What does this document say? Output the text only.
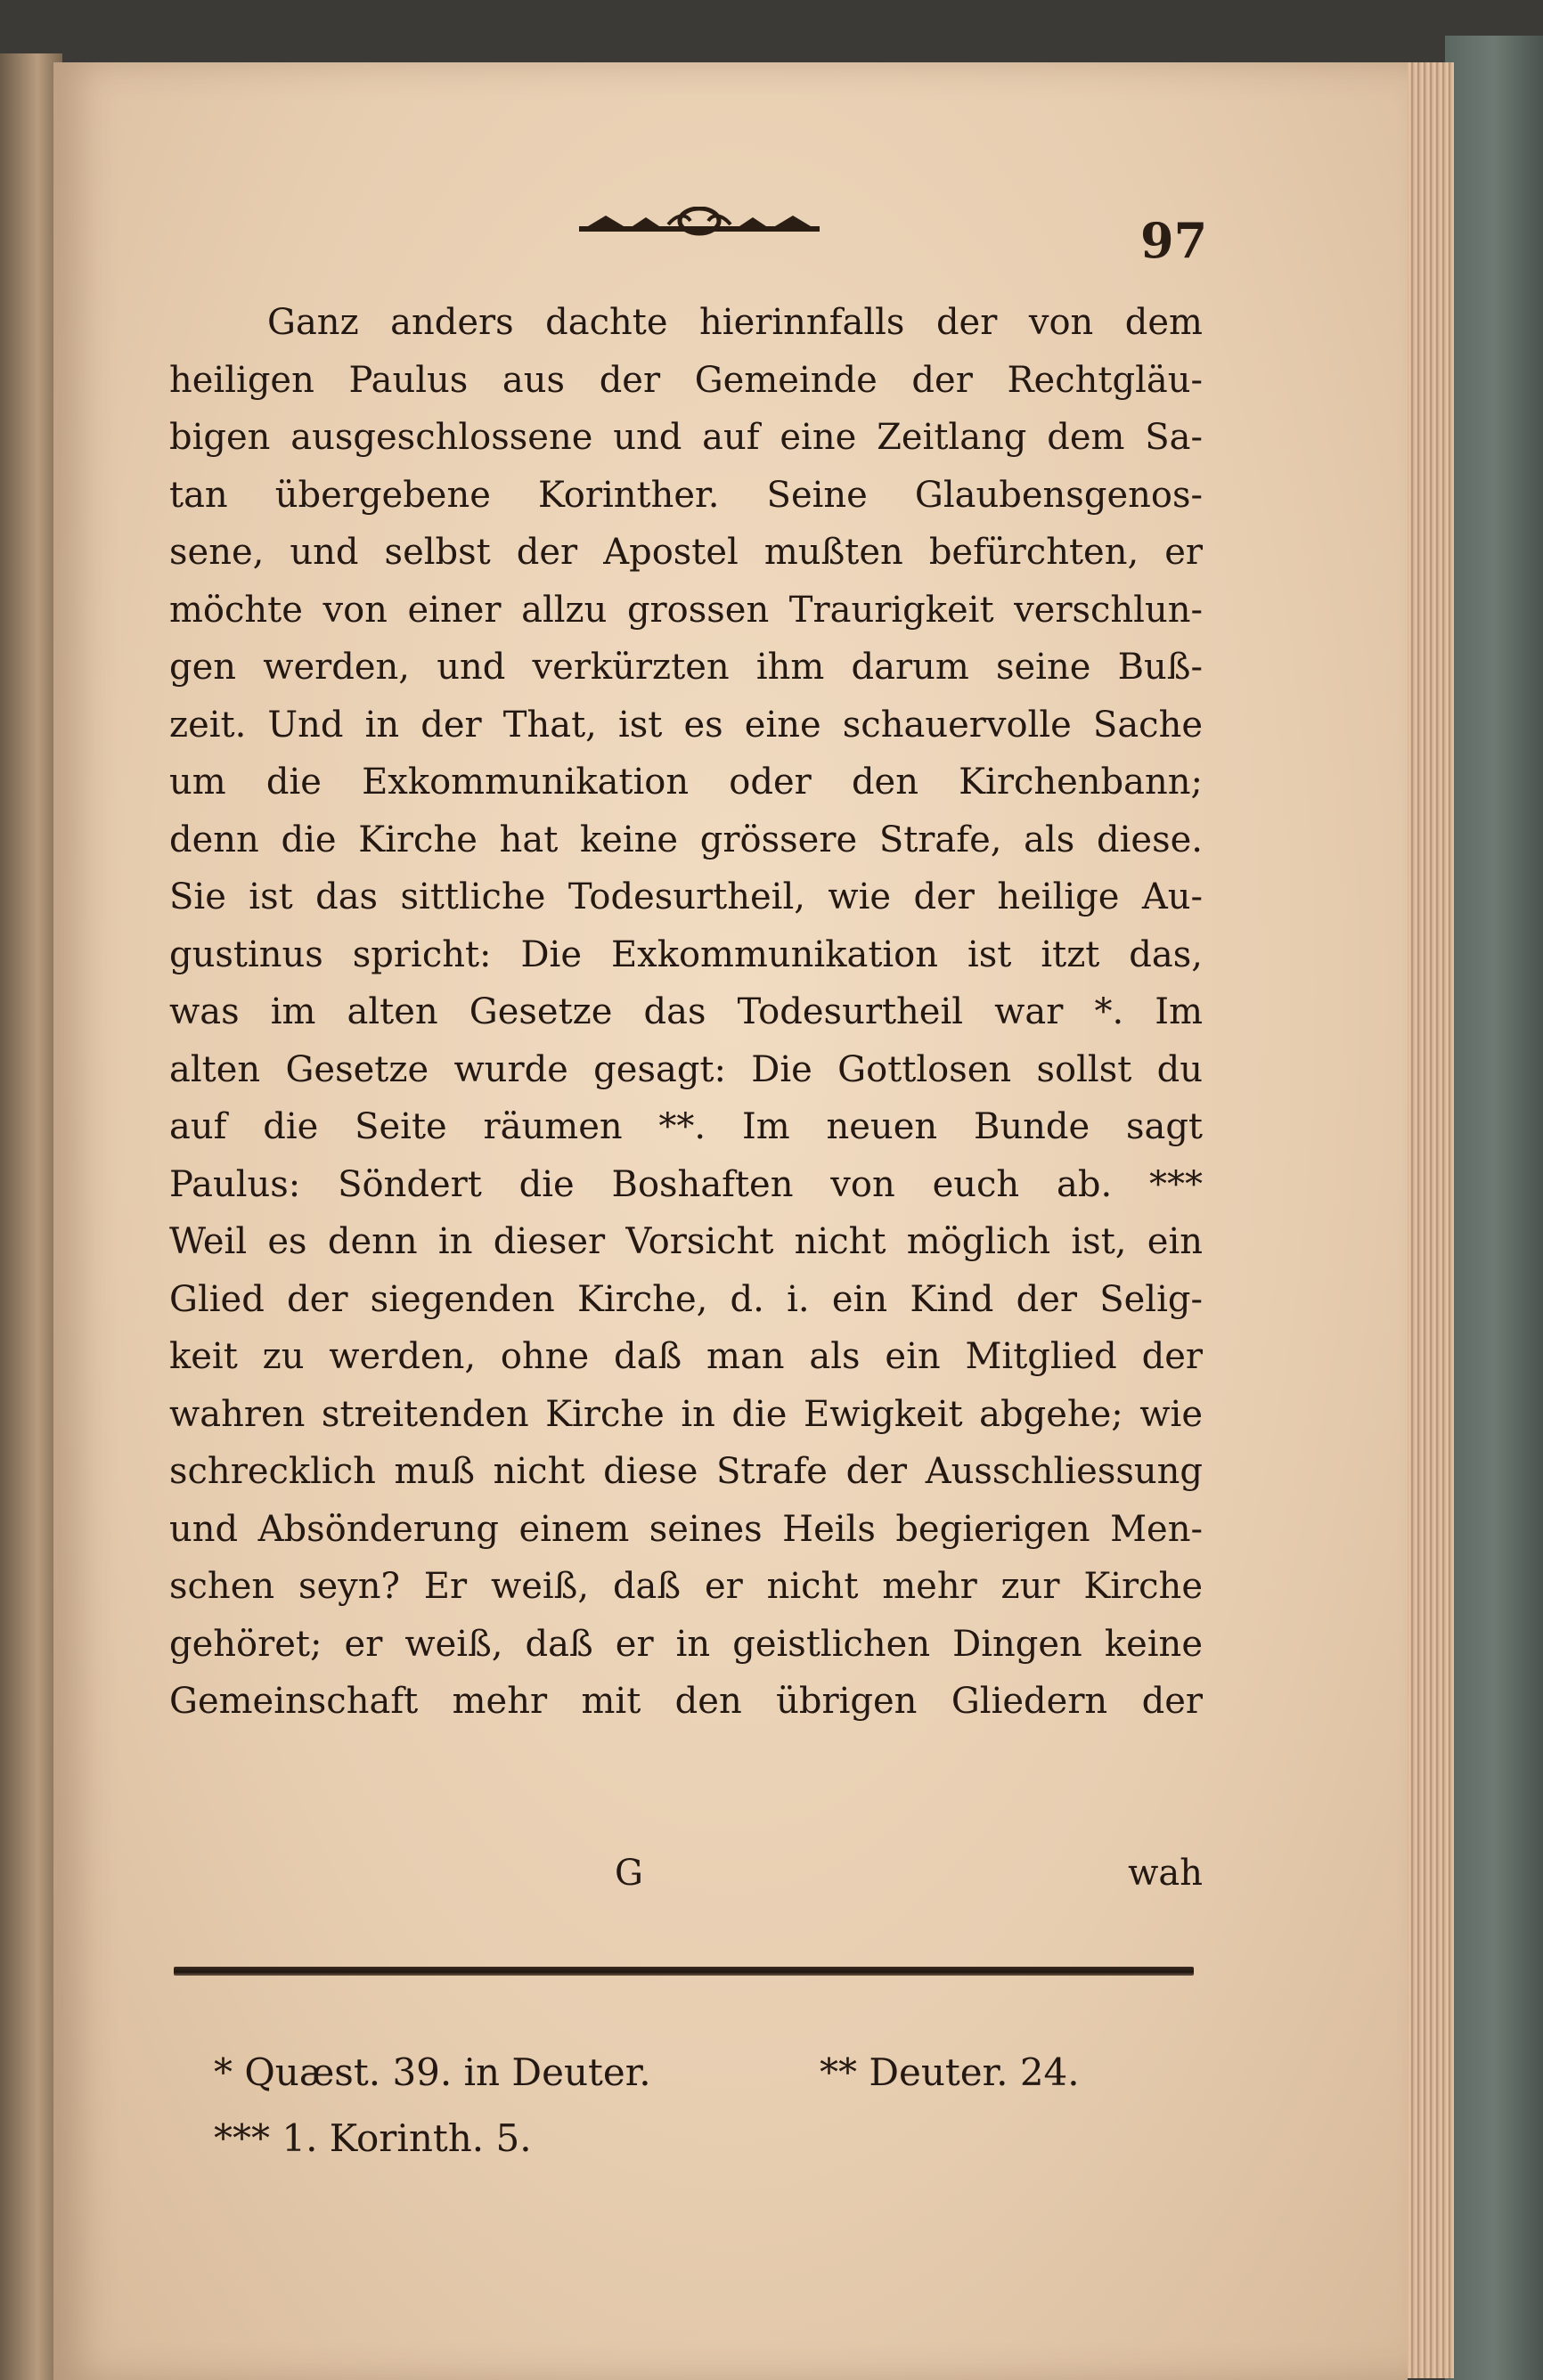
97
Ganz anders dachte hierinnfalls der von dem
heiligen Paulus aus der Gemeinde der Rechtgläu-
bigen ausgeschlossene und auf eine Zeitlang dem Sa-
tan übergebene Korinther. Seine Glaubensgenos-
sene, und selbst der Apostel mußten befürchten, er
möchte von einer allzu grossen Traurigkeit verschlun-
gen werden, und verkürzten ihm darum seine Buß-
zeit. Und in der That, ist es eine schauervolle Sache
um die Exkommunikation oder den Kirchenbann;
denn die Kirche hat keine grössere Strafe, als diese.
Sie ist das sittliche Todesurtheil, wie der heilige Au-
gustinus spricht: Die Exkommunikation ist itzt das,
was im alten Gesetze das Todesurtheil war *. Im
alten Gesetze wurde gesagt: Die Gottlosen sollst du
auf die Seite räumen **. Im neuen Bunde sagt
Paulus: Söndert die Boshaften von euch ab. ***
Weil es denn in dieser Vorsicht nicht möglich ist, ein
Glied der siegenden Kirche, d. i. ein Kind der Selig-
keit zu werden, ohne daß man als ein Mitglied der
wahren streitenden Kirche in die Ewigkeit abgehe; wie
schrecklich muß nicht diese Strafe der Ausschliessung
und Absönderung einem seines Heils begierigen Men-
schen seyn? Er weiß, daß er nicht mehr zur Kirche
gehöret; er weiß, daß er in geistlichen Dingen keine
Gemeinschaft mehr mit den übrigen Gliedern der
G	wah
* Quæst. 39. in Deuter.	** Deuter. 24.
*** 1. Korinth. 5.
